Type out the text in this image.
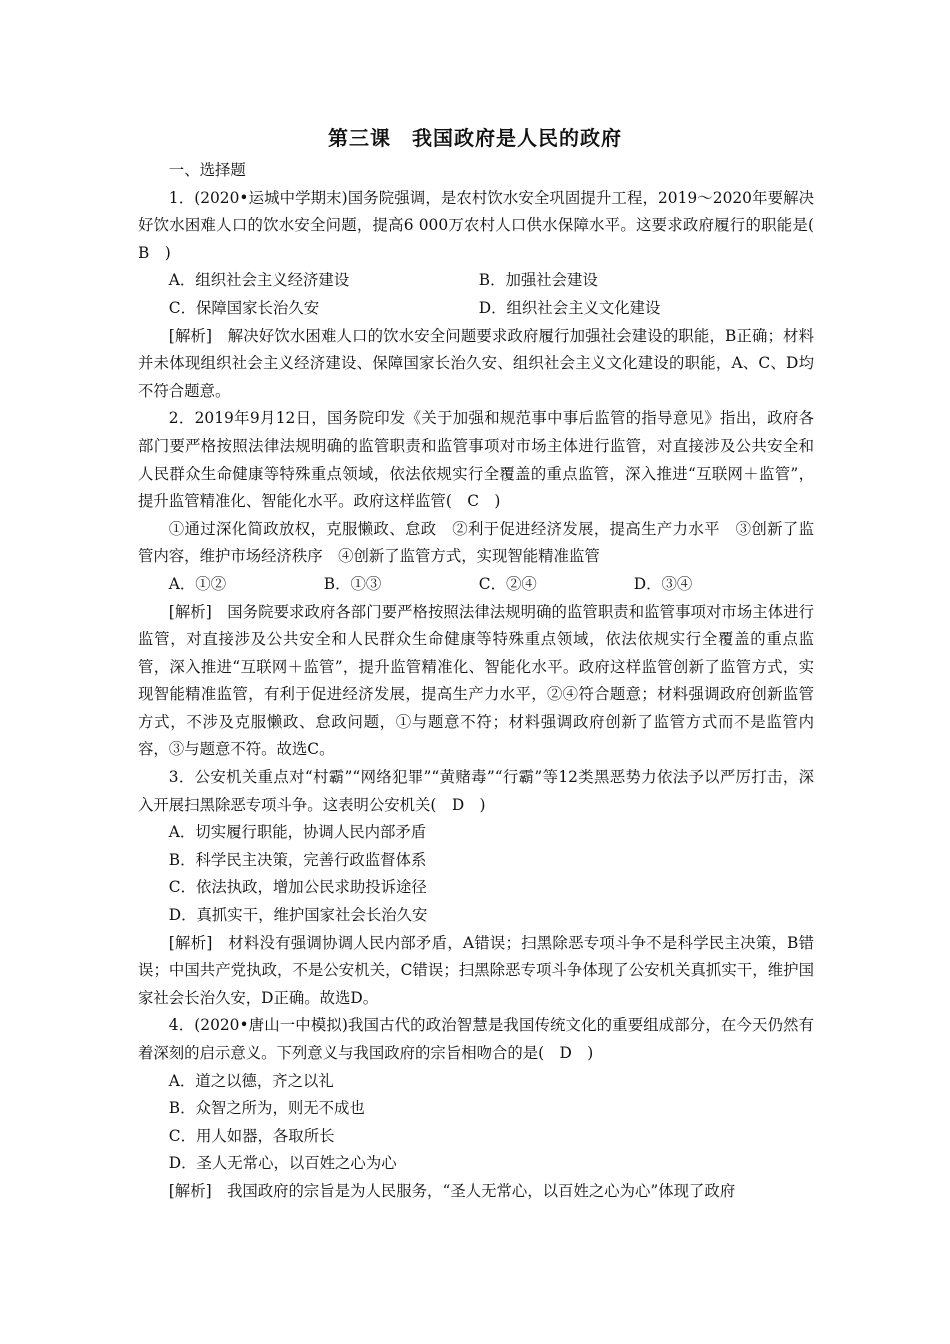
第三课　我国政府是人民的政府

一、选择题

1．(2020•运城中学期末)国务院强调，是农村饮水安全巩固提升工程，2019～2020年要解决好饮水困难人口的饮水安全问题，提高6 000万农村人口供水保障水平。这要求政府履行的职能是(　B　)

A．组织社会主义经济建设	B．加强社会建设
C．保障国家长治久安	D．组织社会主义文化建设

[解析]　解决好饮水困难人口的饮水安全问题要求政府履行加强社会建设的职能，B正确；材料并未体现组织社会主义经济建设、保障国家长治久安、组织社会主义文化建设的职能，A、C、D均不符合题意。

2．2019年9月12日，国务院印发《关于加强和规范事中事后监管的指导意见》指出，政府各部门要严格按照法律法规明确的监管职责和监管事项对市场主体进行监管，对直接涉及公共安全和人民群众生命健康等特殊重点领域，依法依规实行全覆盖的重点监管，深入推进“互联网＋监管”，提升监管精准化、智能化水平。政府这样监管(　C　)

①通过深化简政放权，克服懒政、怠政　②利于促进经济发展，提高生产力水平　③创新了监管内容，维护市场经济秩序　④创新了监管方式，实现智能精准监管

A．①②	B．①③	C．②④	D．③④

[解析]　国务院要求政府各部门要严格按照法律法规明确的监管职责和监管事项对市场主体进行监管，对直接涉及公共安全和人民群众生命健康等特殊重点领域，依法依规实行全覆盖的重点监管，深入推进“互联网＋监管”，提升监管精准化、智能化水平。政府这样监管创新了监管方式，实现智能精准监管，有利于促进经济发展，提高生产力水平，②④符合题意；材料强调政府创新监管方式，不涉及克服懒政、怠政问题，①与题意不符；材料强调政府创新了监管方式而不是监管内容，③与题意不符。故选C。

3．公安机关重点对“村霸”“网络犯罪”“黄赌毒”“行霸”等12类黑恶势力依法予以严厉打击，深入开展扫黑除恶专项斗争。这表明公安机关(　D　)

A．切实履行职能，协调人民内部矛盾

B．科学民主决策，完善行政监督体系

C．依法执政，增加公民求助投诉途径

D．真抓实干，维护国家社会长治久安

[解析]　材料没有强调协调人民内部矛盾，A错误；扫黑除恶专项斗争不是科学民主决策，B错误；中国共产党执政，不是公安机关，C错误；扫黑除恶专项斗争体现了公安机关真抓实干，维护国家社会长治久安，D正确。故选D。

4．(2020•唐山一中模拟)我国古代的政治智慧是我国传统文化的重要组成部分，在今天仍然有着深刻的启示意义。下列意义与我国政府的宗旨相吻合的是(　D　)

A．道之以德，齐之以礼

B．众智之所为，则无不成也

C．用人如器，各取所长

D．圣人无常心，以百姓之心为心

[解析]　我国政府的宗旨是为人民服务，“圣人无常心，以百姓之心为心”体现了政府
